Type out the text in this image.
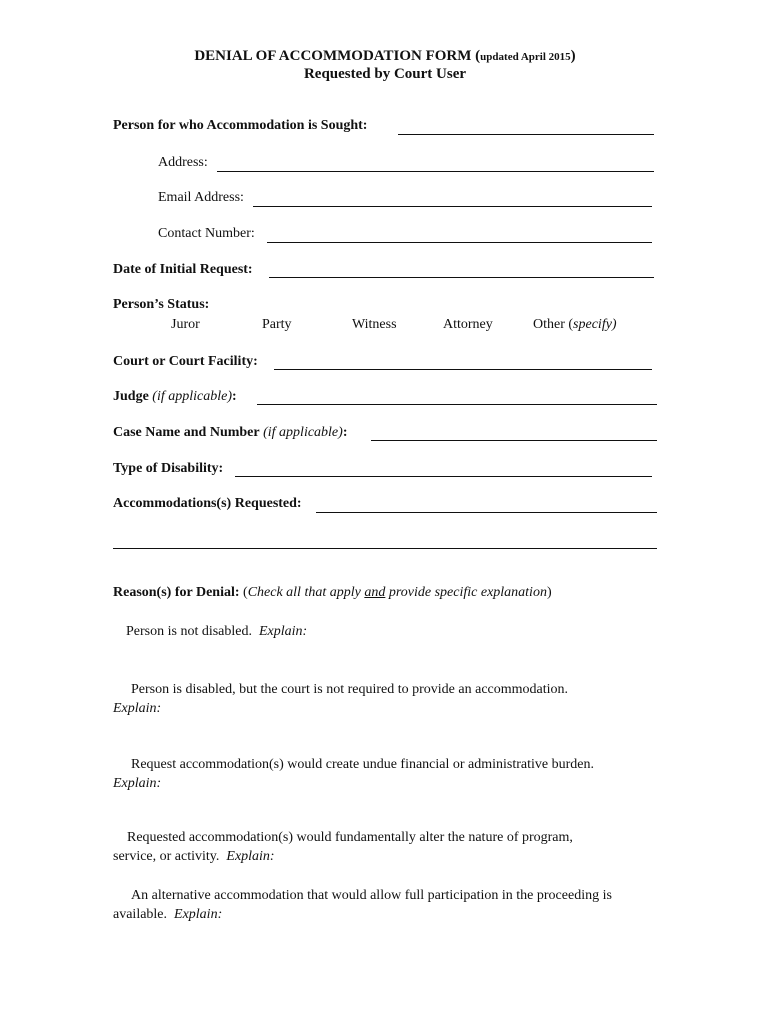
DENIAL OF ACCOMMODATION FORM (updated April 2015)
Requested by Court User
Person for who Accommodation is Sought:
Address:
Email Address:
Contact Number:
Date of Initial Request:
Person’s Status:
Juror	Party	Witness	Attorney	Other (specify)
Court or Court Facility:
Judge (if applicable):
Case Name and Number (if applicable):
Type of Disability:
Accommodations(s) Requested:
Reason(s) for Denial: (Check all that apply and provide specific explanation)
Person is not disabled. Explain:
Person is disabled, but the court is not required to provide an accommodation.
Explain:
Request accommodation(s) would create undue financial or administrative burden.
Explain:
Requested accommodation(s) would fundamentally alter the nature of program,
service, or activity. Explain:
An alternative accommodation that would allow full participation in the proceeding is
available. Explain:
